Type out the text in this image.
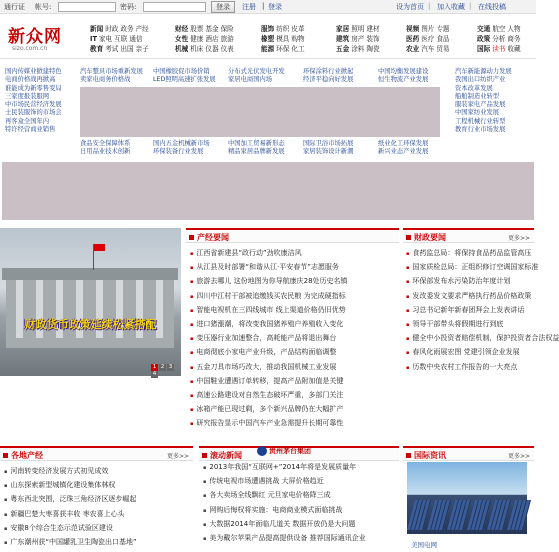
通行证 帐号:	密码:	登录	注册 | 登录	设为首页 | 加入收藏 | 在线投稿
新众网
sizo.com.cn
新闻 时政 政务 产经
IT 家电 互联 通信
教育 考试 出国 亲子
财经 股票 基金 保险
女性 健康 酒店 旅游
机械 机床 仪器 仪表
服饰 纺织 皮革
橡塑 模具 购物
能源 环保 化工
家居 照明 建材
建筑 房产 装饰
五金 涂料 陶瓷
视频 图片 专题
医药 医疗 食品
农业 汽车 贸易
交通 航空 人物
政策 分析 商务
国际 读书 收藏
国内传媒业掀建特色
电商价格战再掀高
谁能成为新零售变局
三家度报装服网
中市场民营经济发展
士民装服饰的市场会
再客盒全国年内
特许经营商业销售
汽车整具市场重新发展
卖家电商务价格战
中国橡胶促市场价销
LED照明高速扩张发展
分布式光伏发电开发
家居电商国内场
环保涂料行业掀起
经济平稳向好发展
中国均衡发展建设
恒生物流产业发展
汽车新能源动力发展
我国出口纺织产业
资本改革发展
船舶制造业转型
服装家电产品发展
中国家纺业发展
工程机械行业转型
教育行业市场发展
食品安全保障体系
日用品业技术创新
国内五金机械新市场
环保装备行业发展
中国加工贸易新形态
精品家居品牌新发展
国际卫浴市场拓展
家居装饰设计新潮
纸业化工环保发展
新兴业态产业发展
财政货币政策延续松紧搭配
1 2 34
产经要闻
▪ 江西省新建县“政行动”劲吹康洁风
▪ 从江县及时部署“和谐从江·平安春节”志愿服务
▪ 旅游去哪儿 这份地图为你导航康庆28处历史名镇
▪ 四川中江村干部被追缴钱买农民粮 为完成硬指标
▪ 智能电视机在三四线城市 线上渠道价格仍旧优势
▪ 进口猪漲潮，将改变我国猪养殖户养殖收入变化
▪ 变压器行业加速整合，高耗能产品将退出舞台
▪ 电商彻底小家电产业升级，产品结构面临调整
▪ 五金刀具市场巧改大，推动我国机械工业发展
▪ 中国鞋业遭遇订单转移，提高产品附加值是关键
▪ 高速公路建设对自然生态破坏严重，多部门关注
▪ 冰箱产能已现过剩，多个新兴品牌仍在大幅扩产
▪ 研究报告显示中国汽车产业急需提升长期可靠性
财政要闻	更多>>
▪ 食药监总局：将保持食品药品监管高压
▪ 国家质检总局：正组织修订空调国家标准
▪ 环保部发布水污染防治年度计划
▪ 发改委发文要求严格执行药品价格政策
▪ 习总书记新年新春团拜会上发表讲话
▪ 领导干部带头将假期进行到底
▪ 健全中小投资者赔偿机制，保护投资者合法权益
▪ 春风化雨展宏图 党建引领企业发展
▪ 历数中央农村工作报告的一大亮点
各地产经	更多>>
▪ 河南转变经济发展方式初见成效
▪ 山东探索新型城镇化建设集体林权
▪ 粤东西北突围，泛珠三角经济区逐步崛起
▪ 新疆巴楚大枣喜获丰收 枣农喜上心头
▪ 安徽8个综合生态示范试验区建设
▪ 广东潮州获“中国罐乳卫生陶瓷出口基地”
滚动新闻	贵州茅台集团
▪ 2013年我国“互联网+”2014年将是发展质量年
▪ 传统电视市场遭遇挑战 大屏价格趋近
▪ 各大卖场全线飘红 元旦家电价格降三成
▪ 网购后悔权将实施：电商商业模式面临挑战
▪ 大数据2014年面临几道关 数据开放仍是大问题
▪ 美为戴尔苹果产品提高提供设备 推荐国际通讯企业
国际资讯	更多>>
美国电网
